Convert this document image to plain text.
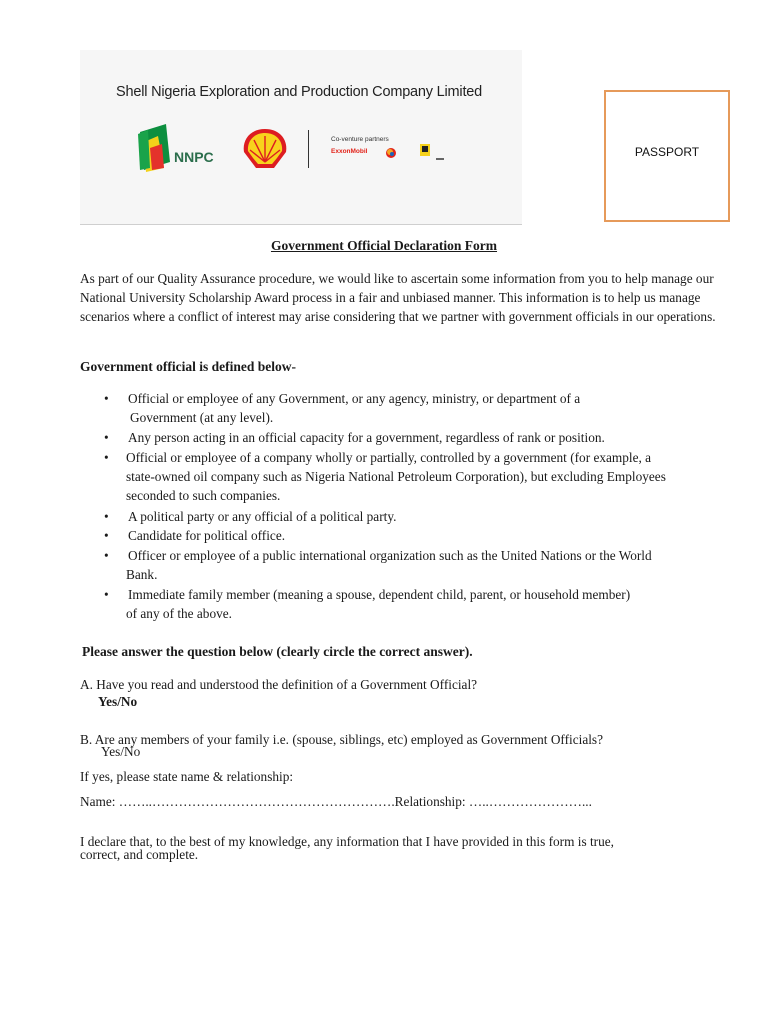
Shell Nigeria Exploration and Production Company Limited
NNPC
Co-venture partners
ExxonMobil	PASSPORT
Government Official Declaration Form
As part of our Quality Assurance procedure, we would like to ascertain some information from you to help manage our National University Scholarship Award process in a fair and unbiased manner. This information is to help us manage scenarios where a conflict of interest may arise considering that we partner with government officials in our operations.
Government official is defined below-
• Official or employee of any Government, or any agency, ministry, or department of a
Government (at any level).
• Any person acting in an official capacity for a government, regardless of rank or position.
• Official or employee of a company wholly or partially, controlled by a government (for example, a
state-owned oil company such as Nigeria National Petroleum Corporation), but excluding Employees
seconded to such companies.
• A political party or any official of a political party.
• Candidate for political office.
• Officer or employee of a public international organization such as the United Nations or the World
Bank.
• Immediate family member (meaning a spouse, dependent child, parent, or household member)
of any of the above.
Please answer the question below (clearly circle the correct answer).
A. Have you read and understood the definition of a Government Official?
Yes/No
B. Are any members of your family i.e. (spouse, siblings, etc) employed as Government Officials?
Yes/No
If yes, please state name & relationship:
Name: ……..……………………………………………….Relationship: …..…………………...
I declare that, to the best of my knowledge, any information that I have provided in this form is true,
correct, and complete.
